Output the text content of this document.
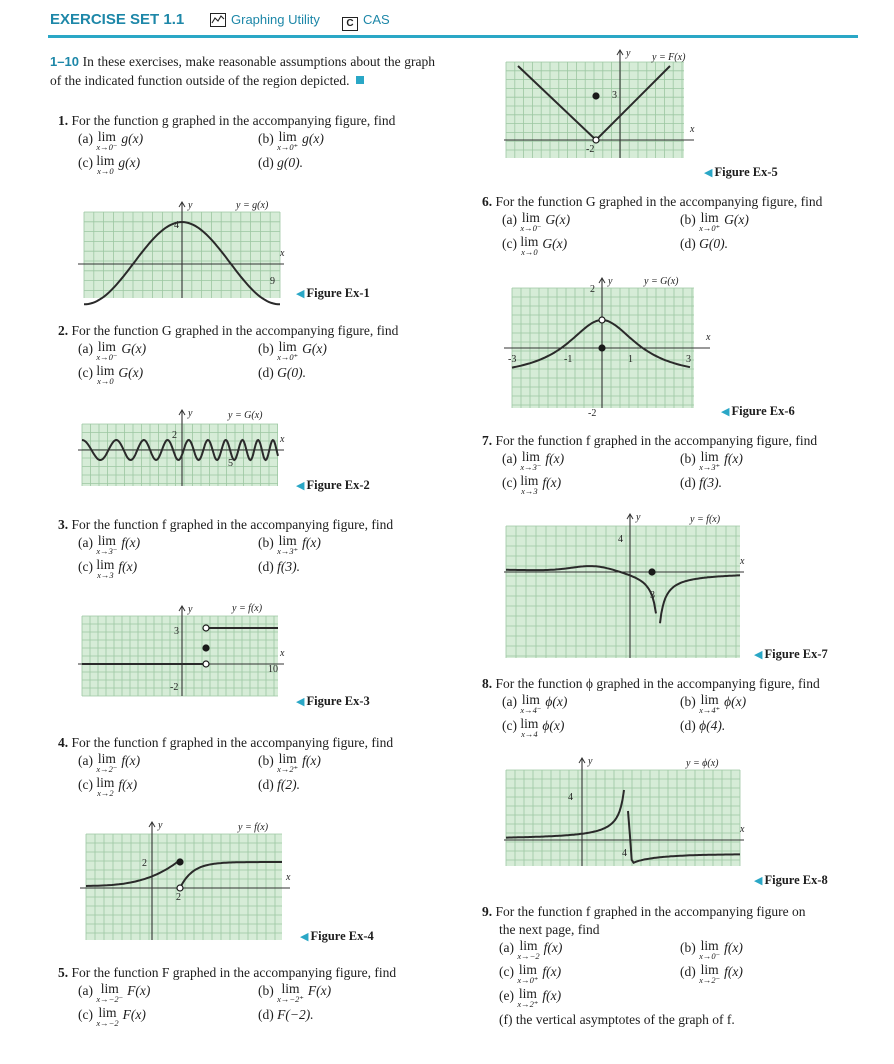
EXERCISE SET 1.1	Graphing Utility	C CAS
1–10 In these exercises, make reasonable assumptions about the graph of the indicated function outside of the region depicted.
1. For the function g graphed in the accompanying figure, find
(a) lim
x→0⁻
g(x)	(b) lim
x→0⁺
g(x)
(c) lim
x→0
g(x)	(d) g(0).
2. For the function G graphed in the accompanying figure, find
(a) lim
x→0⁻
G(x)	(b) lim
x→0⁺
G(x)
(c) lim
x→0
G(x)	(d) G(0).
3. For the function f graphed in the accompanying figure, find
(a) lim
x→3⁻
f(x)	(b) lim
x→3⁺
f(x)
(c) lim
x→3
f(x)	(d) f(3).
4. For the function f graphed in the accompanying figure, find
(a) lim
x→2⁻
f(x)	(b) lim
x→2⁺
f(x)
(c) lim
x→2
f(x)	(d) f(2).
5. For the function F graphed in the accompanying figure, find
(a) lim
x→−2⁻
F(x)	(b) lim
x→−2⁺
F(x)
(c) lim
x→−2
F(x)	(d) F(−2).
6. For the function G graphed in the accompanying figure, find
(a) lim
x→0⁻
G(x)	(b) lim
x→0⁺
G(x)
(c) lim
x→0
G(x)	(d) G(0).
7. For the function f graphed in the accompanying figure, find
(a) lim
x→3⁻
f(x)	(b) lim
x→3⁺
f(x)
(c) lim
x→3
f(x)	(d) f(3).
8. For the function ϕ graphed in the accompanying figure, find
(a) lim
x→4⁻
ϕ(x)	(b) lim
x→4⁺
ϕ(x)
(c) lim
x→4
ϕ(x)	(d) ϕ(4).
9. For the function f graphed in the accompanying figure on
the next page, find
(a) lim
x→−2
f(x)	(b) lim
x→0⁻
f(x)
(c) lim
x→0⁺
f(x)	(d) lim
x→2⁻
f(x)
(e) lim
x→2⁺
f(x)
(f) the vertical asymptotes of the graph of f.
◀ Figure Ex-1
◀ Figure Ex-2
◀ Figure Ex-3
◀ Figure Ex-4
◀ Figure Ex-5
◀ Figure Ex-6
◀ Figure Ex-7
◀ Figure Ex-8
y
x
y = g(x)
4
9
y
x
y = G(x)
2
5
y
x
y = f(x)
3
10
-2
y
x
y = f(x)
2
2
y
x
y = F(x)
3
-2
y
x
y = G(x)
2
-3	-1	1	3
-2
y
x
y = f(x)
4
3
y
x
y = ϕ(x)
4
4
